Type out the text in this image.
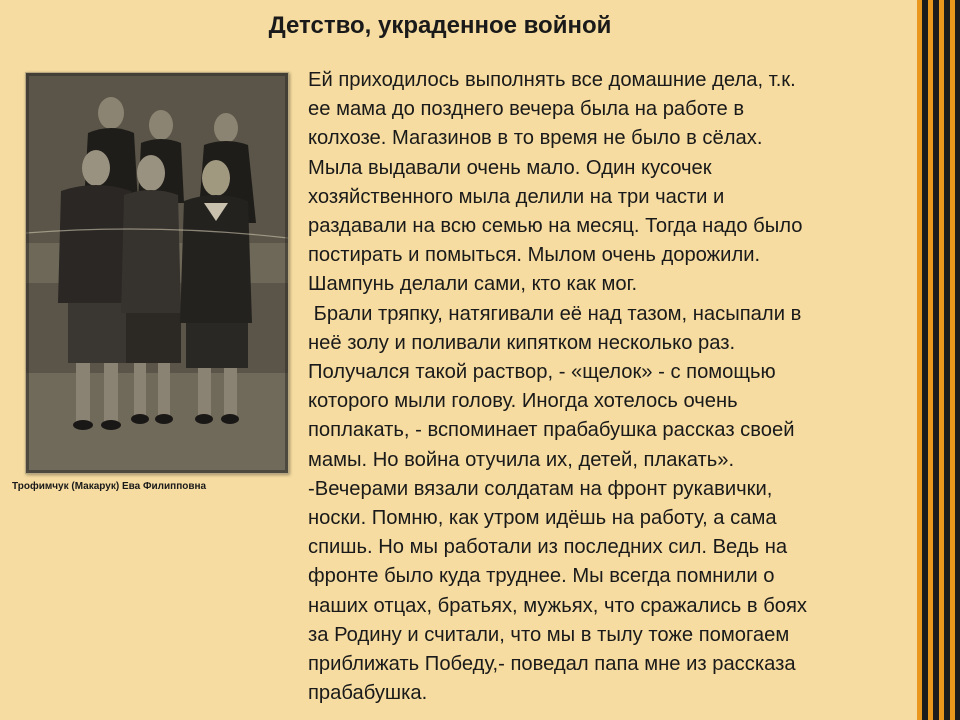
Детство, украденное войной
Трофимчук (Макарук) Ева Филипповна

Ей приходилось выполнять все домашние дела, т.к.
ее мама до позднего вечера была на работе в
колхозе. Магазинов в то время не было в сёлах.
Мыла выдавали очень мало. Один кусочек
хозяйственного мыла делили на три части и
раздавали на всю семью на месяц. Тогда надо было
постирать и помыться. Мылом очень дорожили.
Шампунь делали сами, кто как мог.
Брали тряпку, натягивали её над тазом, насыпали в
неё золу и поливали кипятком несколько раз.
Получался такой раствор, - «щелок» - с помощью
которого мыли голову. Иногда хотелось очень
поплакать, - вспоминает прабабушка рассказ своей
мамы. Но война отучила их, детей, плакать».
-Вечерами вязали солдатам на фронт рукавички,
носки. Помню, как утром идёшь на работу, а сама
спишь. Но мы работали из последних сил. Ведь на
фронте было куда труднее. Мы всегда помнили о
наших отцах, братьях, мужьях, что сражались в боях
за Родину и считали, что мы в тылу тоже помогаем
приближать Победу,- поведал папа мне из рассказа
прабабушка.
